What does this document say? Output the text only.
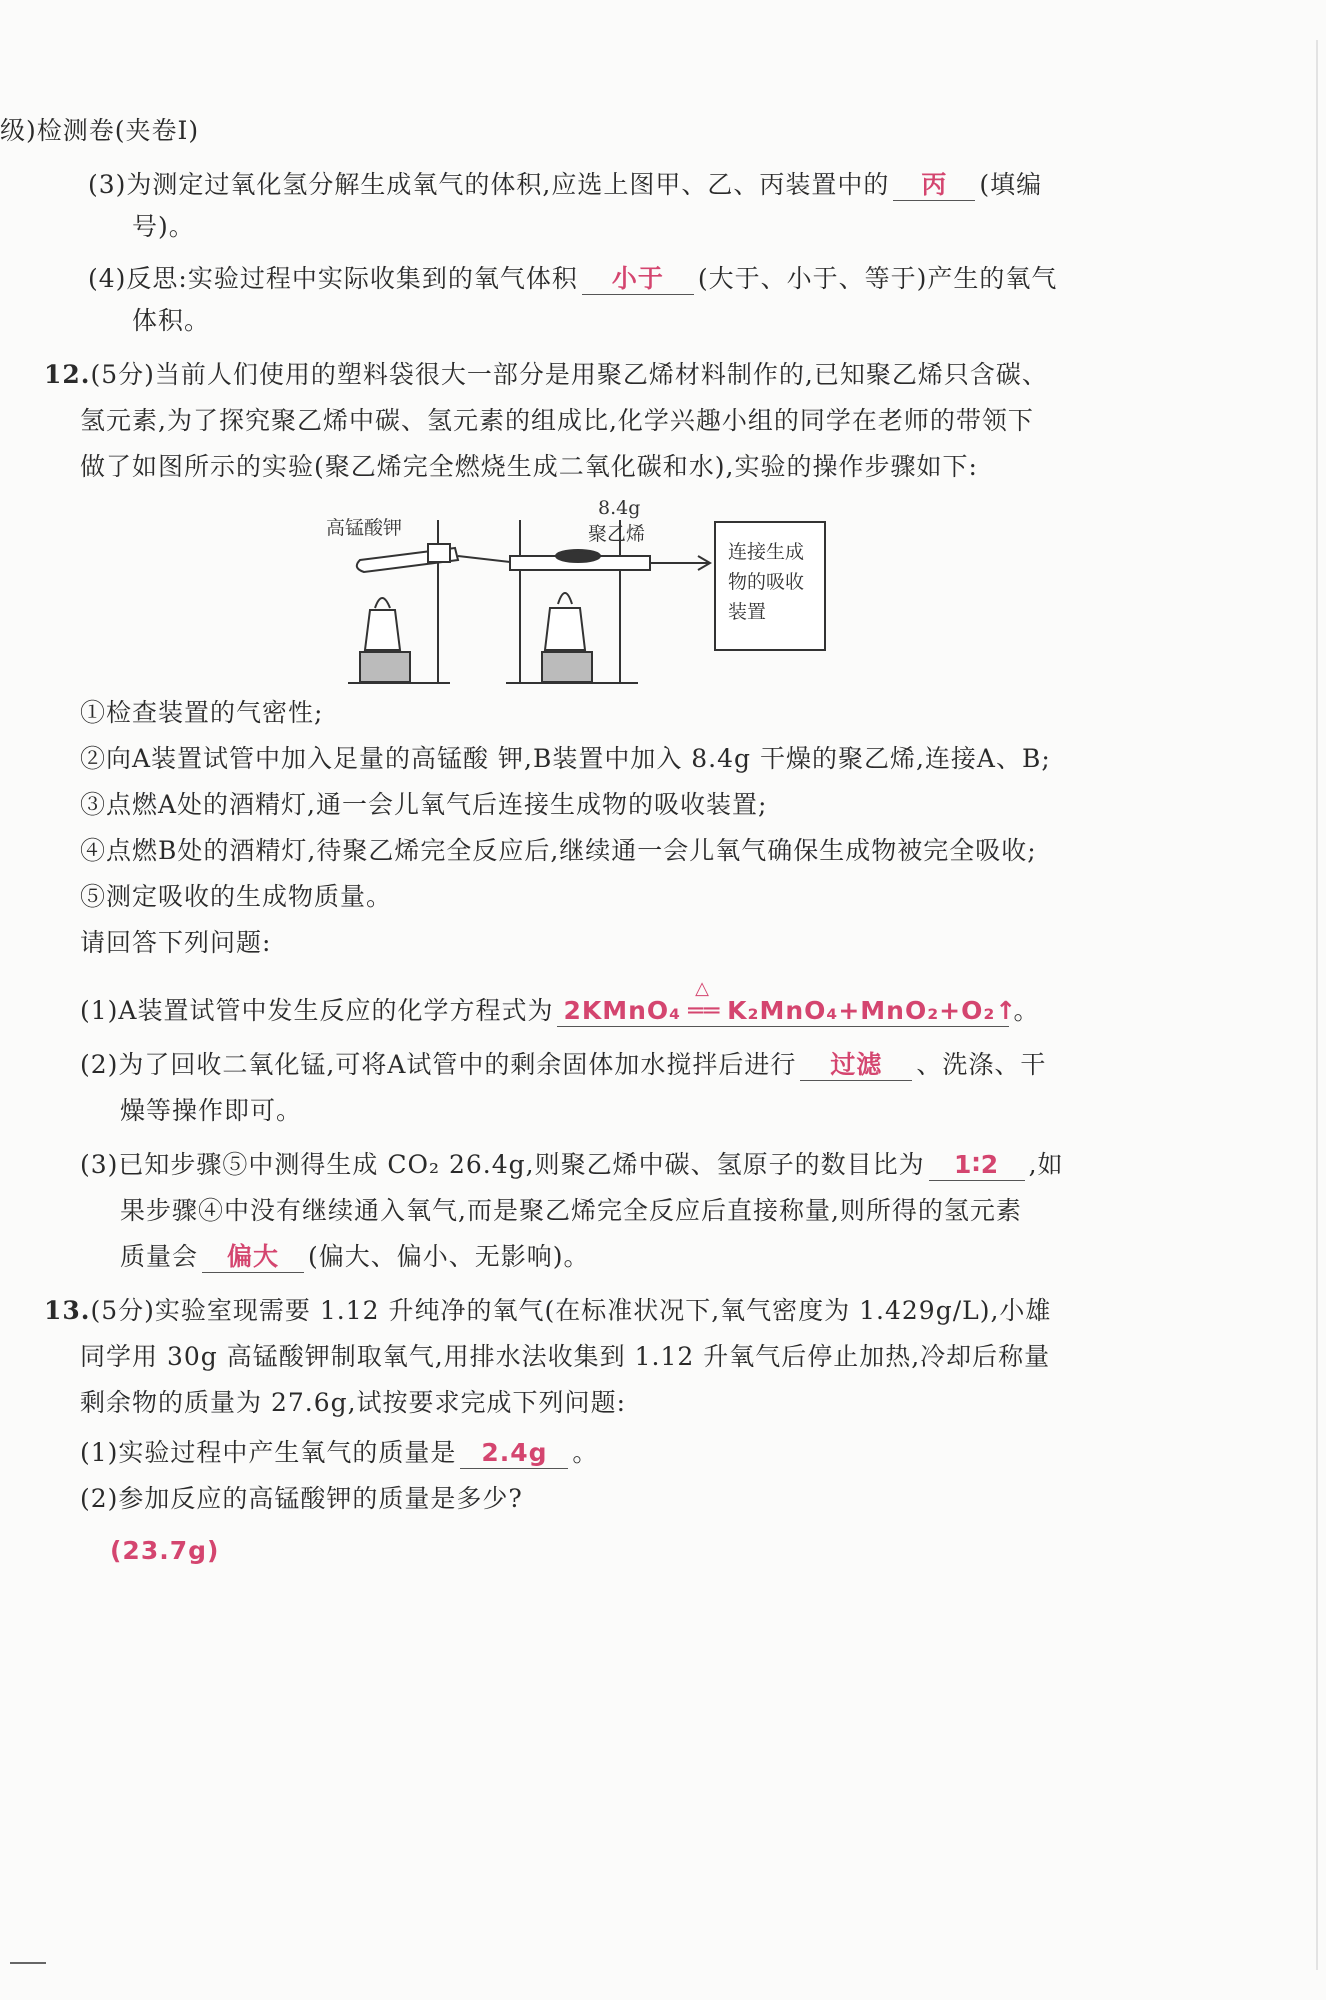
级)检测卷(夹卷Ⅰ)
(3)为测定过氧化氢分解生成氧气的体积,应选上图甲、乙、丙装置中的 丙 (填编
号)。
(4)反思:实验过程中实际收集到的氧气体积 小于 (大于、小于、等于)产生的氧气
体积。
12.(5分)当前人们使用的塑料袋很大一部分是用聚乙烯材料制作的,已知聚乙烯只含碳、
氢元素,为了探究聚乙烯中碳、氢元素的组成比,化学兴趣小组的同学在老师的带领下
做了如图所示的实验(聚乙烯完全燃烧生成二氧化碳和水),实验的操作步骤如下:
高锰酸钾
8.4g
聚乙烯
连接生成
物的吸收
装置
①检查装置的气密性;
②向A装置试管中加入足量的高锰酸 钾,B装置中加入 8.4g 干燥的聚乙烯,连接A、B;
③点燃A处的酒精灯,通一会儿氧气后连接生成物的吸收装置;
④点燃B处的酒精灯,待聚乙烯完全反应后,继续通一会儿氧气确保生成物被完全吸收;
⑤测定吸收的生成物质量。
请回答下列问题:
(1)A装置试管中发生反应的化学方程式为 2KMnO₄
△
══ K₂MnO₄+MnO₂+O₂↑。
(2)为了回收二氧化锰,可将A试管中的剩余固体加水搅拌后进行 过滤 、洗涤、干
燥等操作即可。
(3)已知步骤⑤中测得生成 CO₂ 26.4g,则聚乙烯中碳、氢原子的数目比为 1∶2 ,如
果步骤④中没有继续通入氧气,而是聚乙烯完全反应后直接称量,则所得的氢元素
质量会 偏大 (偏大、偏小、无影响)。
13.(5分)实验室现需要 1.12 升纯净的氧气(在标准状况下,氧气密度为 1.429g/L),小雄
同学用 30g 高锰酸钾制取氧气,用排水法收集到 1.12 升氧气后停止加热,冷却后称量
剩余物的质量为 27.6g,试按要求完成下列问题:
(1)实验过程中产生氧气的质量是 2.4g 。
(2)参加反应的高锰酸钾的质量是多少?
(23.7g)
